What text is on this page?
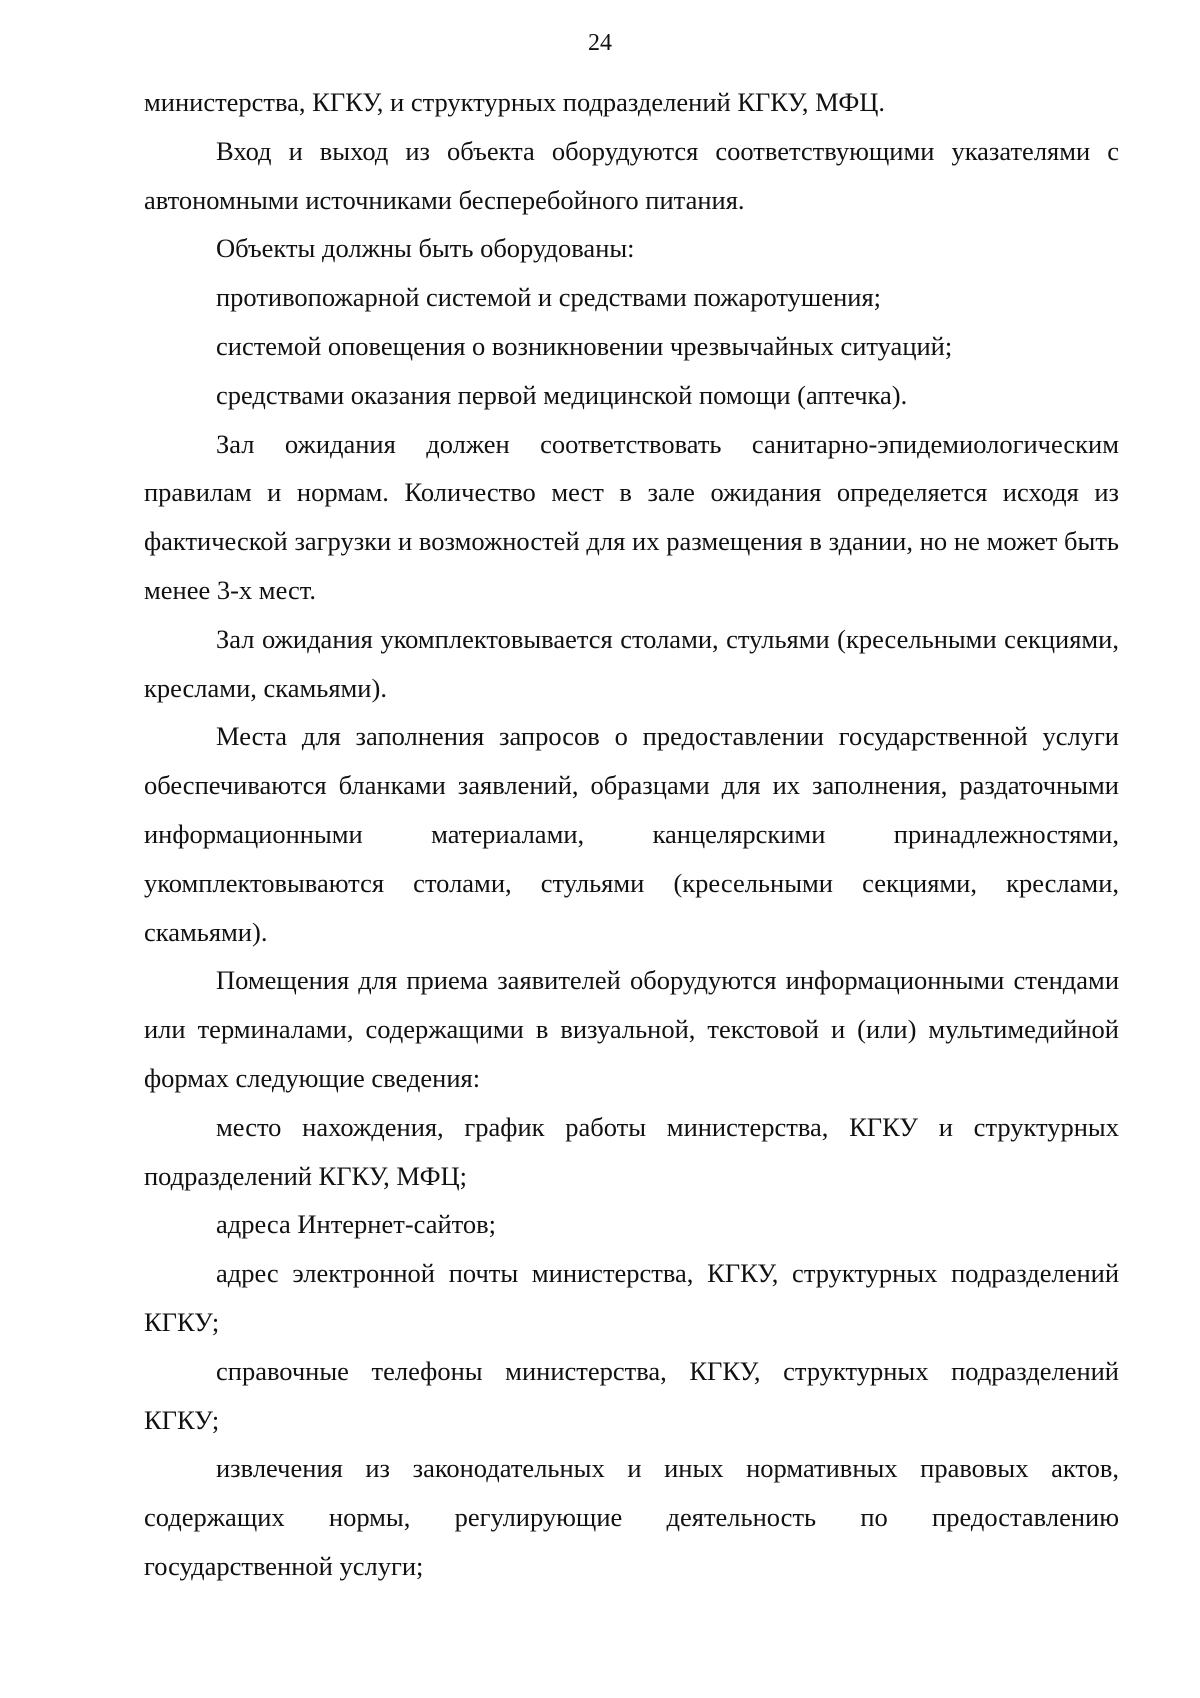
24

министерства, КГКУ, и структурных подразделений КГКУ, МФЦ.

Вход и выход из объекта оборудуются соответствующими указателями с автономными источниками бесперебойного питания.

Объекты должны быть оборудованы:

противопожарной системой и средствами пожаротушения;

системой оповещения о возникновении чрезвычайных ситуаций;

средствами оказания первой медицинской помощи (аптечка).

Зал ожидания должен соответствовать санитарно-эпидемиологическим правилам и нормам. Количество мест в зале ожидания определяется исходя из фактической загрузки и возможностей для их размещения в здании, но не может быть менее 3-х мест.

Зал ожидания укомплектовывается столами, стульями (кресельными секциями, креслами, скамьями).

Места для заполнения запросов о предоставлении государственной услуги обеспечиваются бланками заявлений, образцами для их заполнения, раздаточными информационными материалами, канцелярскими принадлежностями, укомплектовываются столами, стульями (кресельными секциями, креслами, скамьями).

Помещения для приема заявителей оборудуются информационными стендами или терминалами, содержащими в визуальной, текстовой и (или) мультимедийной формах следующие сведения:

место нахождения, график работы министерства, КГКУ и структурных подразделений КГКУ, МФЦ;

адреса Интернет-сайтов;

адрес электронной почты министерства, КГКУ, структурных подразделений КГКУ;

справочные телефоны министерства, КГКУ, структурных подразделений КГКУ;

извлечения из законодательных и иных нормативных правовых актов, содержащих нормы, регулирующие деятельность по предоставлению государственной услуги;
